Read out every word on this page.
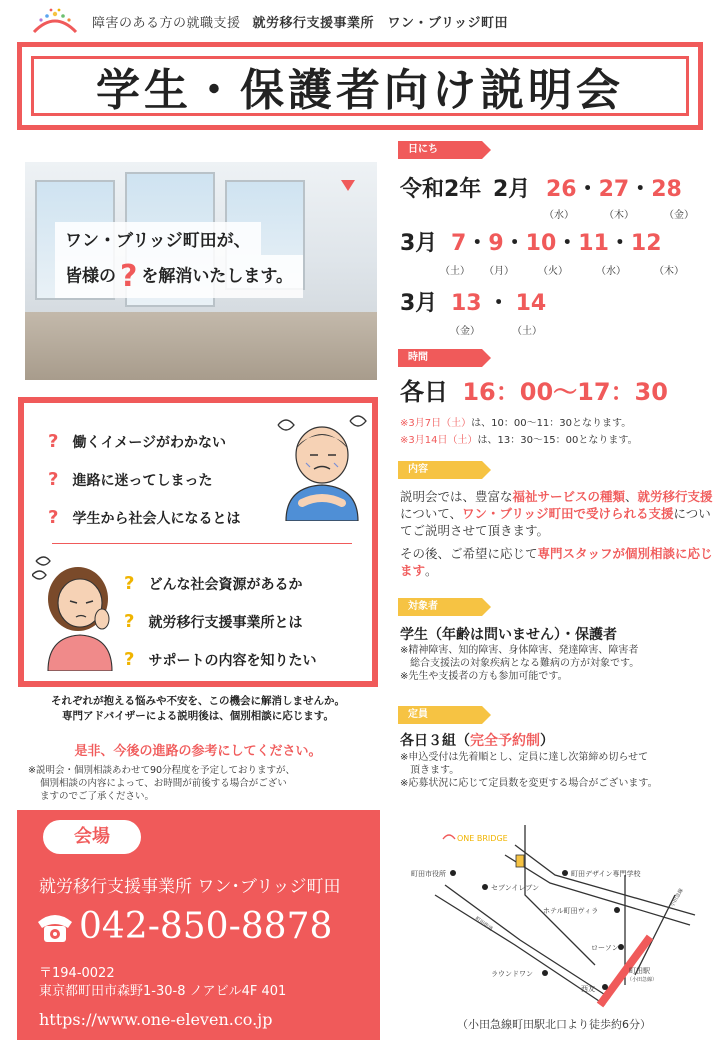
障害のある方の就職支援 就労移行支援事業所　ワン・ブリッジ町田
学生・保護者向け説明会
ワン・ブリッジ町田が、
皆様の ? を解消いたします。
? 働くイメージがわかない
? 進路に迷ってしまった
? 学生から社会人になるとは
? どんな社会資源があるか
? 就労移行支援事業所とは
? サポートの内容を知りたい
それぞれが抱える悩みや不安を、この機会に解消しませんか。
専門アドバイザーによる説明後は、個別相談に応じます。
是非、今後の進路の参考にしてください。
※説明会・個別相談あわせて90分程度を予定しておりますが、
個別相談の内容によって、お時間が前後する場合がござい
ますのでご了承ください。
日にち
令和2年 2月 26・27・28
（水）	（木）	（金）
3月 7・9・10・11・12
（土） （月） （火）	（水）	（木）
3月 13 ・ 14
（金）	（土）
時間
各日 16：00～17：30
※3月7日（土）は、10：00～11：30となります。
※3月14日（土）は、13：30～15：00となります。
内容

説明会では、豊富な福祉サービスの種類、就労移行支援について、ワン・ブリッジ町田で受けられる支援についてご説明させて頂きます。

その後、ご希望に応じて専門スタッフが個別相談に応じます。

対象者
学生（年齢は問いません）・保護者
※精神障害、知的障害、身体障害、発達障害、障害者
　総合支援法の対象疾病となる難病の方が対象です。
※先生や支援者の方も参加可能です。
定員
各日３組（完全予約制）
※申込受付は先着順とし、定員に達し次第締め切らせて
　頂きます。
※応募状況に応じて定員数を変更する場合がございます。
会場
就労移行支援事業所 ワン･ブリッジ町田
042-850-8878
〒194-0022
東京都町田市森野1-30-8 ノアビル4F 401
https://www.one-eleven.co.jp
ONE BRIDGE
町田市役所	町田デザイン専門学校
セブンイレブン
ホテル町田ヴィラ
ローソン
町田駅
（小田急線）
ラウンドワン
西友
町田街道
小田急線
（小田急線町田駅北口より徒歩約6分）
